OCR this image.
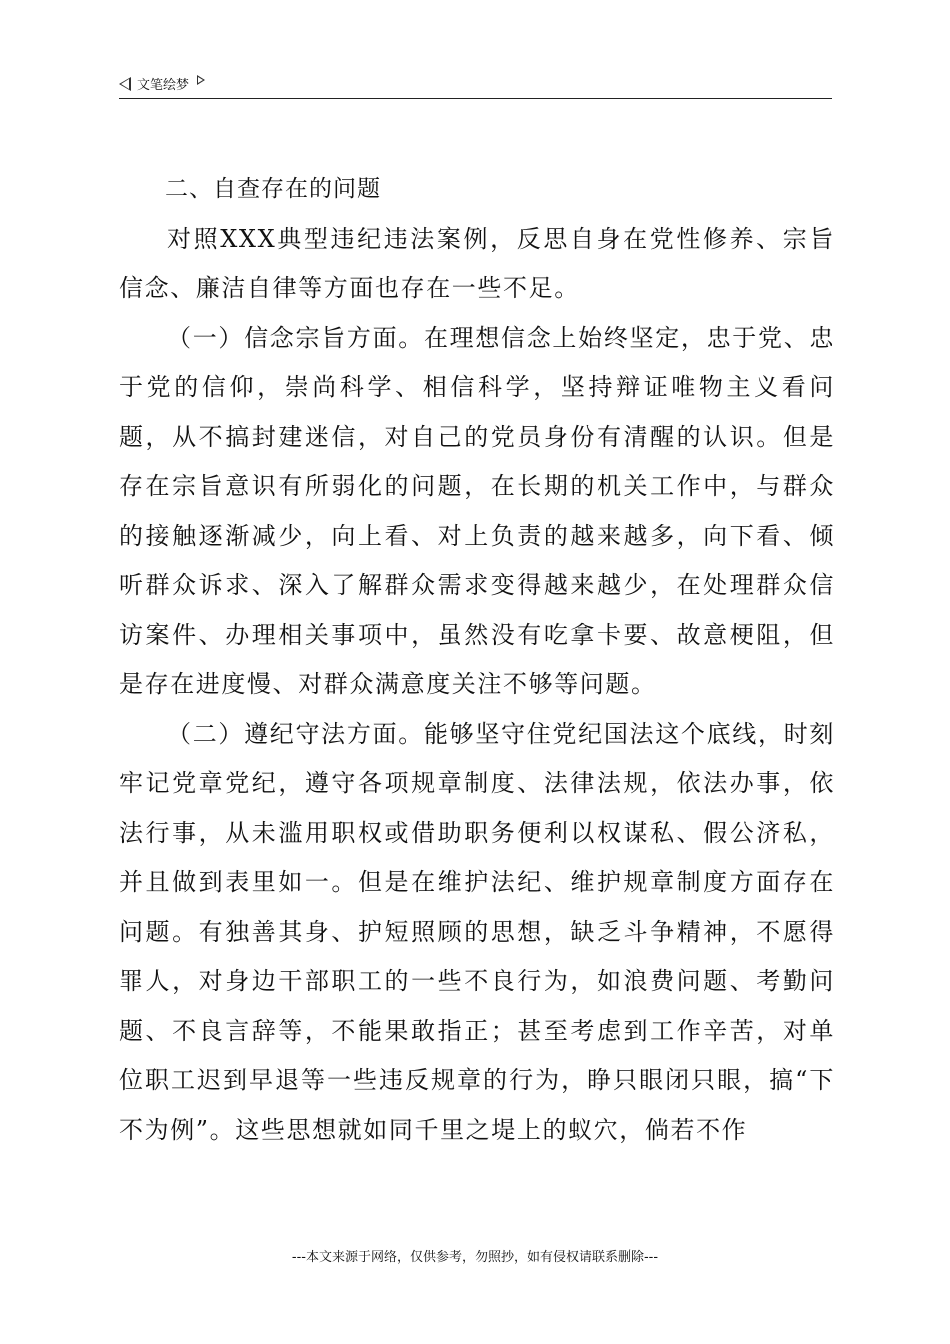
文笔绘梦
二、自查存在的问题

对照XXX典型违纪违法案例，反思自身在党性修养、宗旨信念、廉洁自律等方面也存在一些不足。

（一）信念宗旨方面。在理想信念上始终坚定，忠于党、忠于党的信仰，崇尚科学、相信科学，坚持辩证唯物主义看问题，从不搞封建迷信，对自己的党员身份有清醒的认识。但是存在宗旨意识有所弱化的问题，在长期的机关工作中，与群众的接触逐渐减少，向上看、对上负责的越来越多，向下看、倾听群众诉求、深入了解群众需求变得越来越少，在处理群众信访案件、办理相关事项中，虽然没有吃拿卡要、故意梗阻，但是存在进度慢、对群众满意度关注不够等问题。

（二）遵纪守法方面。能够坚守住党纪国法这个底线，时刻牢记党章党纪，遵守各项规章制度、法律法规，依法办事，依法行事，从未滥用职权或借助职务便利以权谋私、假公济私，并且做到表里如一。但是在维护法纪、维护规章制度方面存在问题。有独善其身、护短照顾的思想，缺乏斗争精神，不愿得罪人，对身边干部职工的一些不良行为，如浪费问题、考勤问题、不良言辞等，不能果敢指正；甚至考虑到工作辛苦，对单位职工迟到早退等一些违反规章的行为，睁只眼闭只眼，搞“下不为例”。这些思想就如同千里之堤上的蚁穴，倘若不作

---本文来源于网络，仅供参考，勿照抄，如有侵权请联系删除---
